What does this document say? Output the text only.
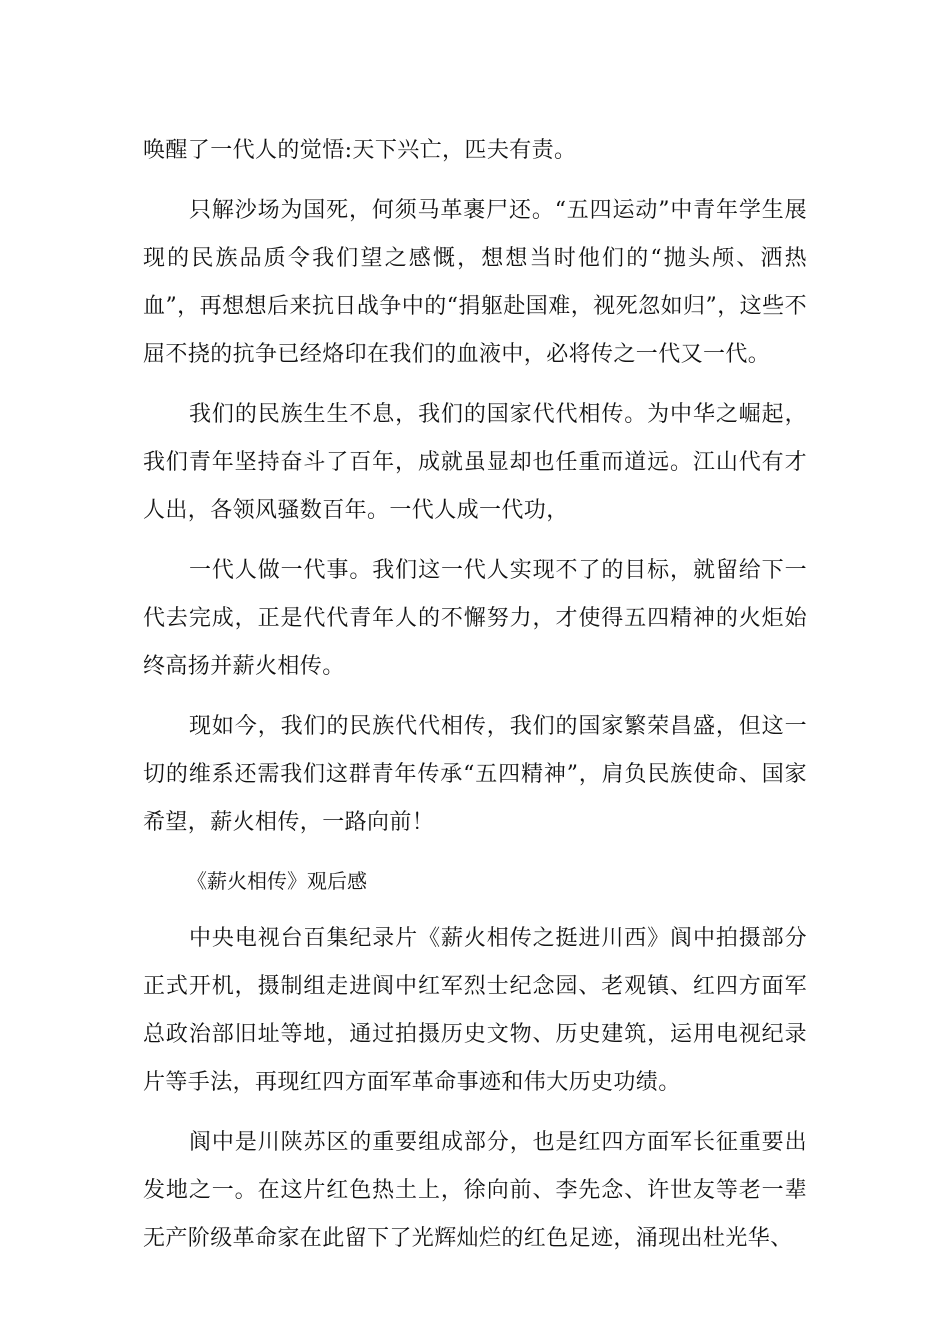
唤醒了一代人的觉悟:天下兴亡，匹夫有责。

只解沙场为国死，何须马革裹尸还。“五四运动”中青年学生展现的民族品质令我们望之感慨，想想当时他们的“抛头颅、洒热血”，再想想后来抗日战争中的“捐躯赴国难，视死忽如归”，这些不屈不挠的抗争已经烙印在我们的血液中，必将传之一代又一代。

我们的民族生生不息，我们的国家代代相传。为中华之崛起，我们青年坚持奋斗了百年，成就虽显却也任重而道远。江山代有才人出，各领风骚数百年。一代人成一代功，

一代人做一代事。我们这一代人实现不了的目标，就留给下一代去完成，正是代代青年人的不懈努力，才使得五四精神的火炬始终高扬并薪火相传。

现如今，我们的民族代代相传，我们的国家繁荣昌盛，但这一切的维系还需我们这群青年传承“五四精神”，肩负民族使命、国家希望，薪火相传，一路向前！

《薪火相传》观后感

中央电视台百集纪录片《薪火相传之挺进川西》阆中拍摄部分正式开机，摄制组走进阆中红军烈士纪念园、老观镇、红四方面军总政治部旧址等地，通过拍摄历史文物、历史建筑，运用电视纪录片等手法，再现红四方面军革命事迹和伟大历史功绩。

阆中是川陕苏区的重要组成部分，也是红四方面军长征重要出发地之一。在这片红色热土上，徐向前、李先念、许世友等老一辈无产阶级革命家在此留下了光辉灿烂的红色足迹，涌现出杜光华、
